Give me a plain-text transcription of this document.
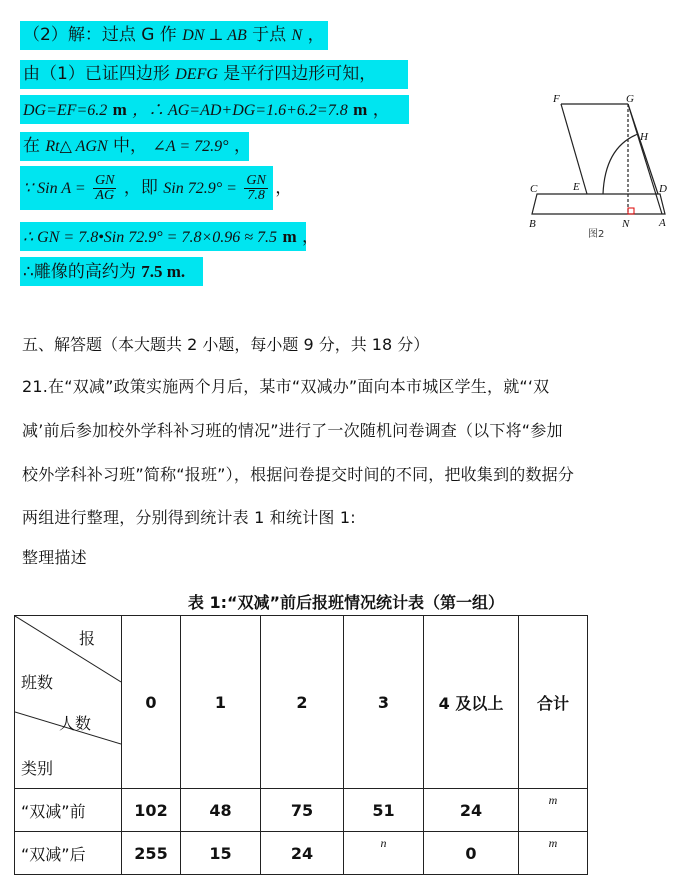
（2）解：过点 G 作 DN ⊥ AB 于点 N ，
由（1）已证四边形 DEFG 是平行四边形可知，
DG=EF=6.2 m ，∴ AG=AD+DG=1.6+6.2=7.8 m ，
在 Rt△ AGN 中， ∠A = 72.9° ，
∵ Sin $A = \frac{GN}{AG}$ ，即 Sin $72.9^\circ = \frac{GN}{7.8}$ ，
∴ GN = 7.8•Sin 72.9° = 7.8×0.96 ≈ 7.5 m ，
∴雕像的高约为 7.5 m.
F	G
H
C	E	D
B	N	A
图2
五、解答题（本大题共 2 小题，每小题 9 分，共 18 分）
21.在“双减”政策实施两个月后，某市“双减办”面向本市城区学生，就“‘双
减’前后参加校外学科补习班的情况”进行了一次随机问卷调查（以下将“参加
校外学科补习班”简称“报班”），根据问卷提交时间的不同，把收集到的数据分
两组进行整理，分别得到统计表 1 和统计图 1:
整理描述
表 1:“双减”前后报班情况统计表（第一组）
报
班数
人数
类别	0	1	2	3	4 及以上	合计
“双减”前	102	48	75	51	24	$^m$
“双减”后	255	15	24	$^n$	0	$^m$
